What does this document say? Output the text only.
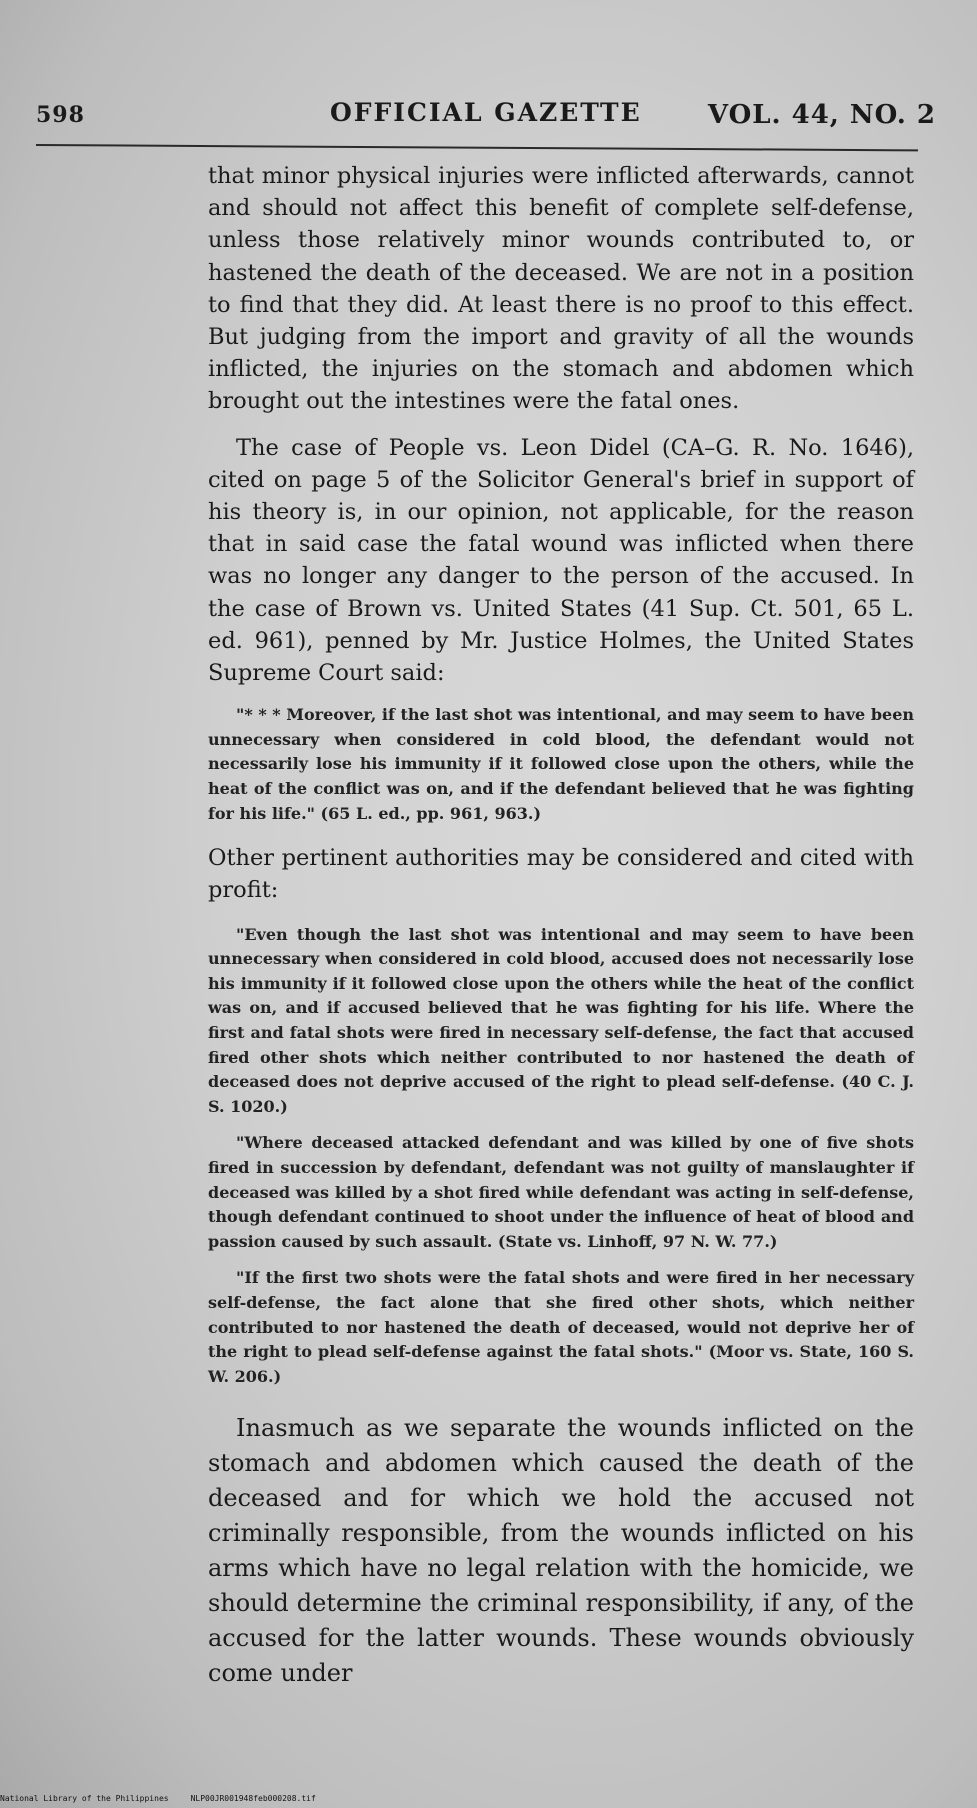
598	OFFICIAL GAZETTE	VOL. 44, NO. 2

that minor physical injuries were inflicted afterwards, cannot and should not affect this benefit of complete self-defense, unless those relatively minor wounds contributed to, or hastened the death of the deceased. We are not in a position to find that they did. At least there is no proof to this effect. But judging from the import and gravity of all the wounds inflicted, the injuries on the stomach and abdomen which brought out the intestines were the fatal ones.

The case of People vs. Leon Didel (CA–G. R. No. 1646), cited on page 5 of the Solicitor General's brief in support of his theory is, in our opinion, not applicable, for the reason that in said case the fatal wound was inflicted when there was no longer any danger to the person of the accused. In the case of Brown vs. United States (41 Sup. Ct. 501, 65 L. ed. 961), penned by Mr. Justice Holmes, the United States Supreme Court said:

"* * * Moreover, if the last shot was intentional, and may seem to have been unnecessary when considered in cold blood, the defendant would not necessarily lose his immunity if it followed close upon the others, while the heat of the conflict was on, and if the defendant believed that he was fighting for his life." (65 L. ed., pp. 961, 963.)

Other pertinent authorities may be considered and cited with profit:

"Even though the last shot was intentional and may seem to have been unnecessary when considered in cold blood, accused does not necessarily lose his immunity if it followed close upon the others while the heat of the conflict was on, and if accused believed that he was fighting for his life. Where the first and fatal shots were fired in necessary self-defense, the fact that accused fired other shots which neither contributed to nor hastened the death of deceased does not deprive accused of the right to plead self-defense. (40 C. J. S. 1020.)

"Where deceased attacked defendant and was killed by one of five shots fired in succession by defendant, defendant was not guilty of manslaughter if deceased was killed by a shot fired while defendant was acting in self-defense, though defendant continued to shoot under the influence of heat of blood and passion caused by such assault. (State vs. Linhoff, 97 N. W. 77.)

"If the first two shots were the fatal shots and were fired in her necessary self-defense, the fact alone that she fired other shots, which neither contributed to nor hastened the death of deceased, would not deprive her of the right to plead self-defense against the fatal shots." (Moor vs. State, 160 S. W. 206.)

Inasmuch as we separate the wounds inflicted on the stomach and abdomen which caused the death of the deceased and for which we hold the accused not criminally responsible, from the wounds inflicted on his arms which have no legal relation with the homicide, we should determine the criminal responsibility, if any, of the accused for the latter wounds. These wounds obviously come under

National Library of the Philippines	NLP00JR001948feb000208.tif
